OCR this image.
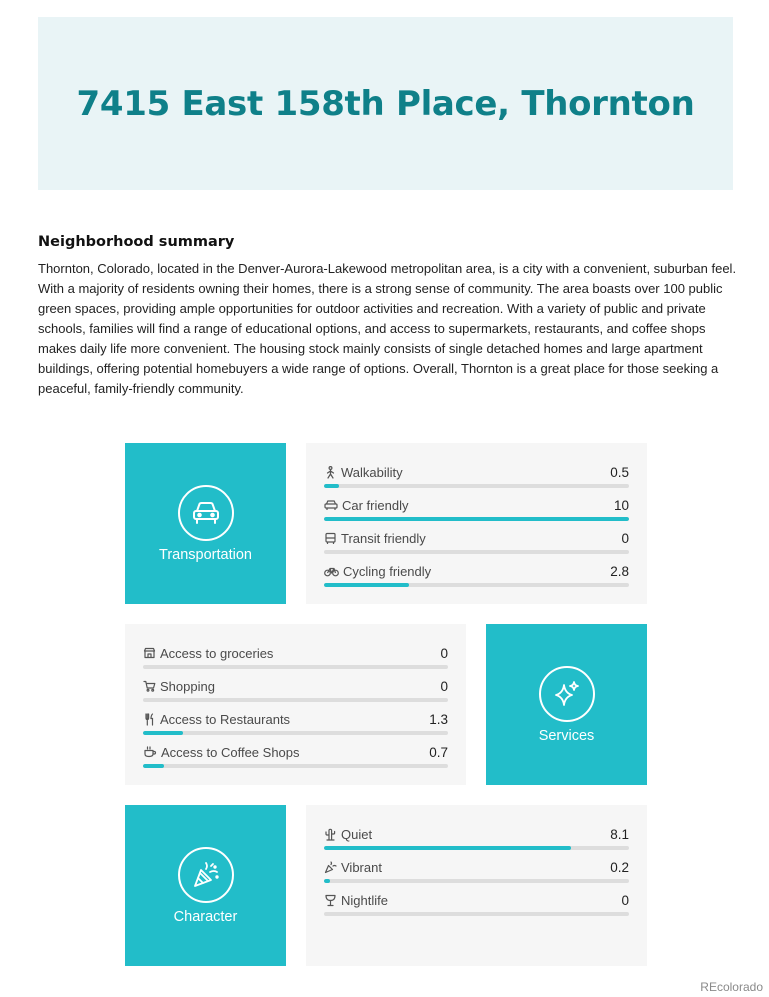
7415 East 158th Place, Thornton
Neighborhood summary

Thornton, Colorado, located in the Denver-Aurora-Lakewood metropolitan area, is a city with a convenient, suburban feel. With a majority of residents owning their homes, there is a strong sense of community. The area boasts over 100 public green spaces, providing ample opportunities for outdoor activities and recreation. With a variety of public and private schools, families will find a range of educational options, and access to supermarkets, restaurants, and coffee shops makes daily life more convenient. The housing stock mainly consists of single detached homes and large apartment buildings, offering potential homebuyers a wide range of options. Overall, Thornton is a great place for those seeking a peaceful, family-friendly community.

Transportation
Walkability	0.5
Car friendly	10
Transit friendly	0
Cycling friendly	2.8
Access to groceries	0
Shopping	0
Access to Restaurants	1.3
Access to Coffee Shops	0.7
Services
Character
Quiet	8.1
Vibrant	0.2
Nightlife	0
REcolorado
